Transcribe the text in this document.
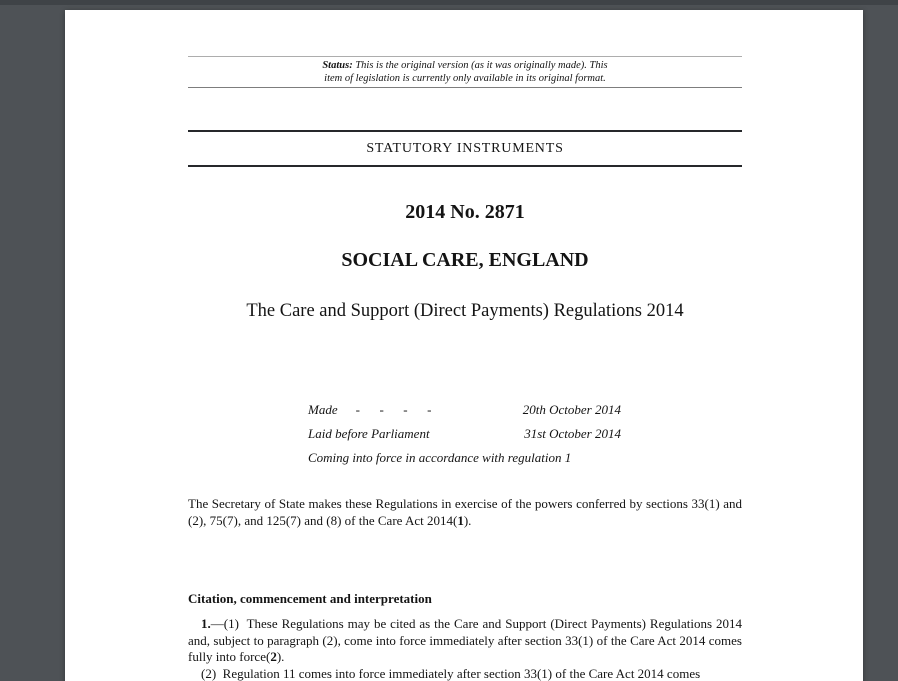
Status: This is the original version (as it was originally made). This
item of legislation is currently only available in its original format.
STATUTORY INSTRUMENTS
2014 No. 2871
SOCIAL CARE, ENGLAND
The Care and Support (Direct Payments) Regulations 2014
Made -      -      -      -	20th October 2014
Laid before Parliament	31st October 2014
Coming into force in accordance with regulation 1
The Secretary of State makes these Regulations in exercise of the powers conferred by sections 33(1) and (2), 75(7), and 125(7) and (8) of the Care Act 2014(1).
Citation, commencement and interpretation
1.—(1)  These Regulations may be cited as the Care and Support (Direct Payments) Regulations 2014 and, subject to paragraph (2), come into force immediately after section 33(1) of the Care Act 2014 comes fully into force(2).
(2)  Regulation 11 comes into force immediately after section 33(1) of the Care Act 2014 comes
